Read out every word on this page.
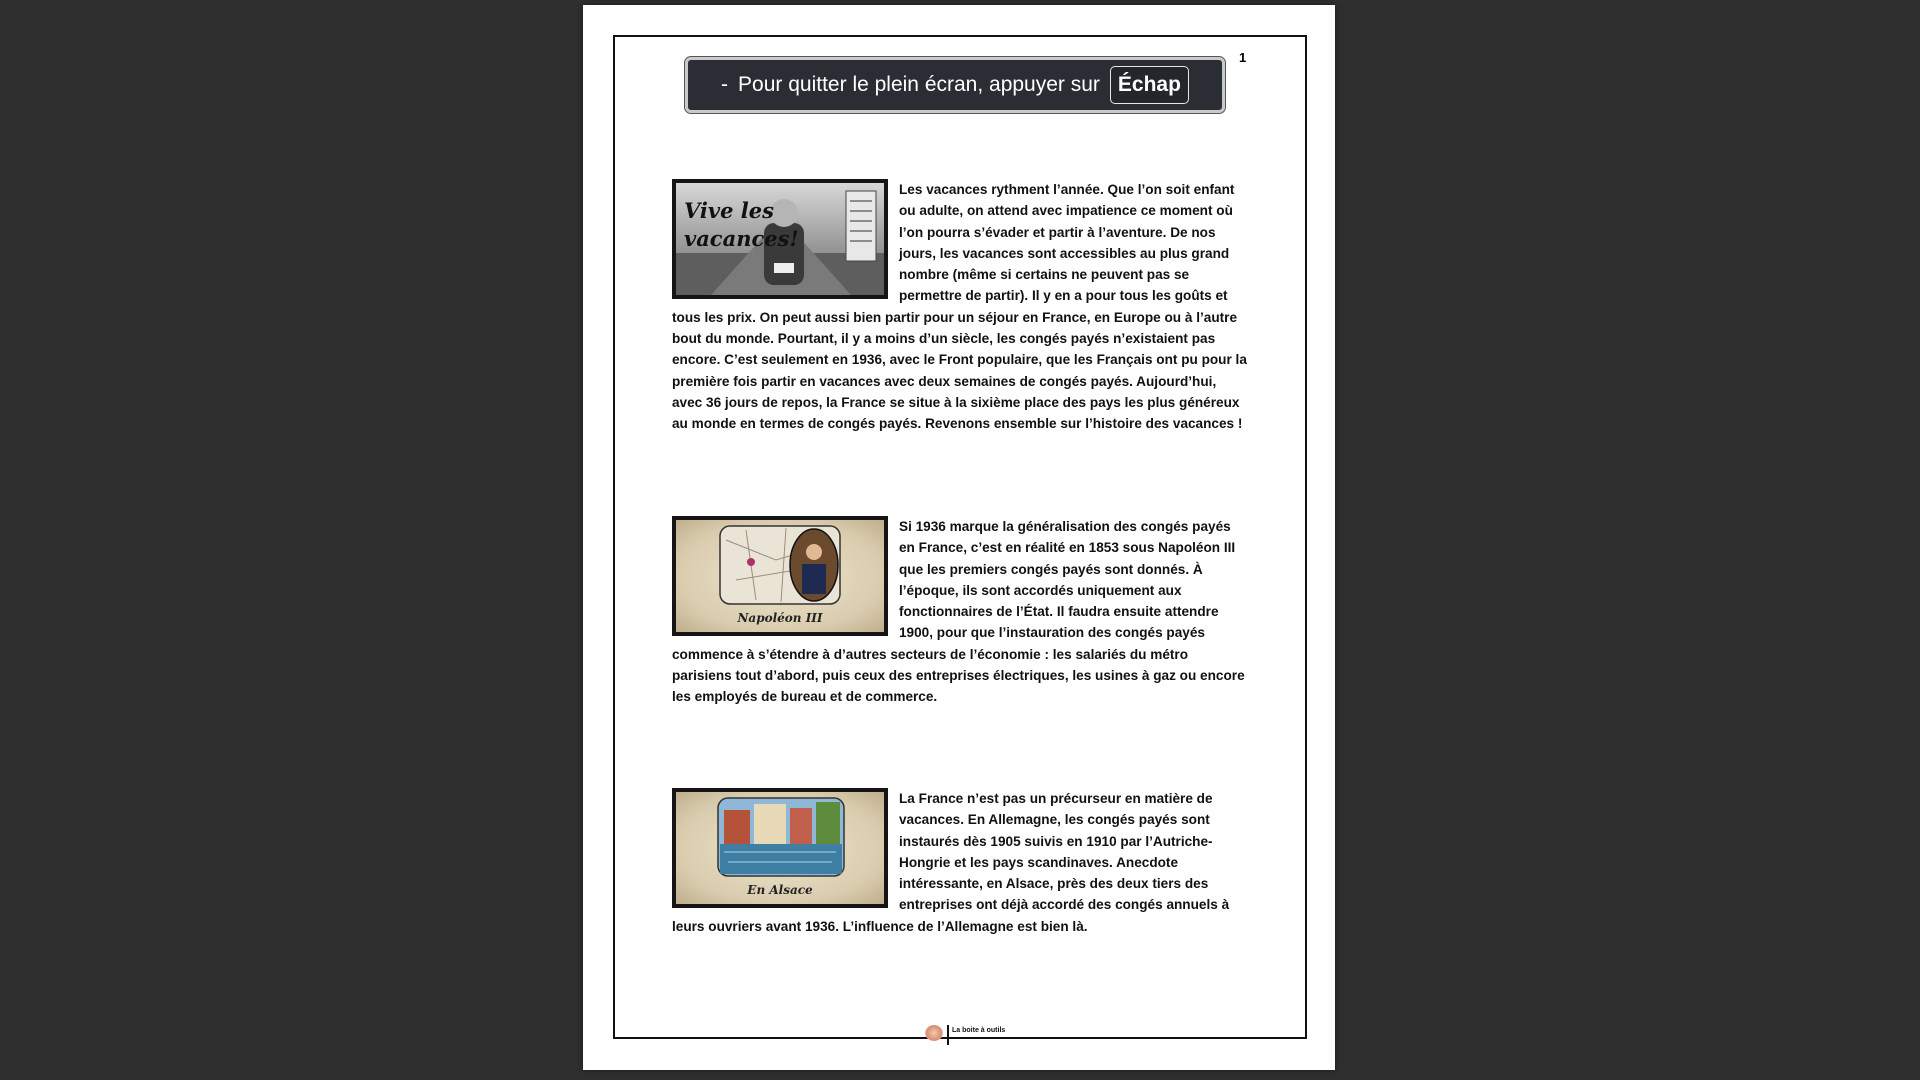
1
- Pour quitter le plein écran, appuyer sur Échap
Vive les vacances!
Les vacances rythment l’année. Que l’on soit enfant ou adulte, on attend avec impatience ce moment où l’on pourra s’évader et partir à l’aventure. De nos jours, les vacances sont accessibles au plus grand nombre (même si certains ne peuvent pas se permettre de partir). Il y en a pour tous les goûts et tous les prix. On peut aussi bien partir pour un séjour en France, en Europe ou à l’autre bout du monde. Pourtant, il y a moins d’un siècle, les congés payés n’existaient pas encore. C’est seulement en 1936, avec le Front populaire, que les Français ont pu pour la première fois partir en vacances avec deux semaines de congés payés. Aujourd’hui, avec 36 jours de repos, la France se situe à la sixième place des pays les plus généreux au monde en termes de congés payés. Revenons ensemble sur l’histoire des vacances !
Napoléon III
Si 1936 marque la généralisation des congés payés en France, c’est en réalité en 1853 sous Napoléon III que les premiers congés payés sont donnés. À l’époque, ils sont accordés uniquement aux fonctionnaires de l’État. Il faudra ensuite attendre 1900, pour que l’instauration des congés payés commence à s’étendre à d’autres secteurs de l’économie : les salariés du métro parisiens tout d’abord, puis ceux des entreprises électriques, les usines à gaz ou encore les employés de bureau et de commerce.
En Alsace
La France n’est pas un précurseur en matière de vacances. En Allemagne, les congés payés sont instaurés dès 1905 suivis en 1910 par l’Autriche-Hongrie et les pays scandinaves. Anecdote intéressante, en Alsace, près des deux tiers des entreprises ont déjà accordé des congés annuels à leurs ouvriers avant 1936. L’influence de l’Allemagne est bien là.
La boite à outils
